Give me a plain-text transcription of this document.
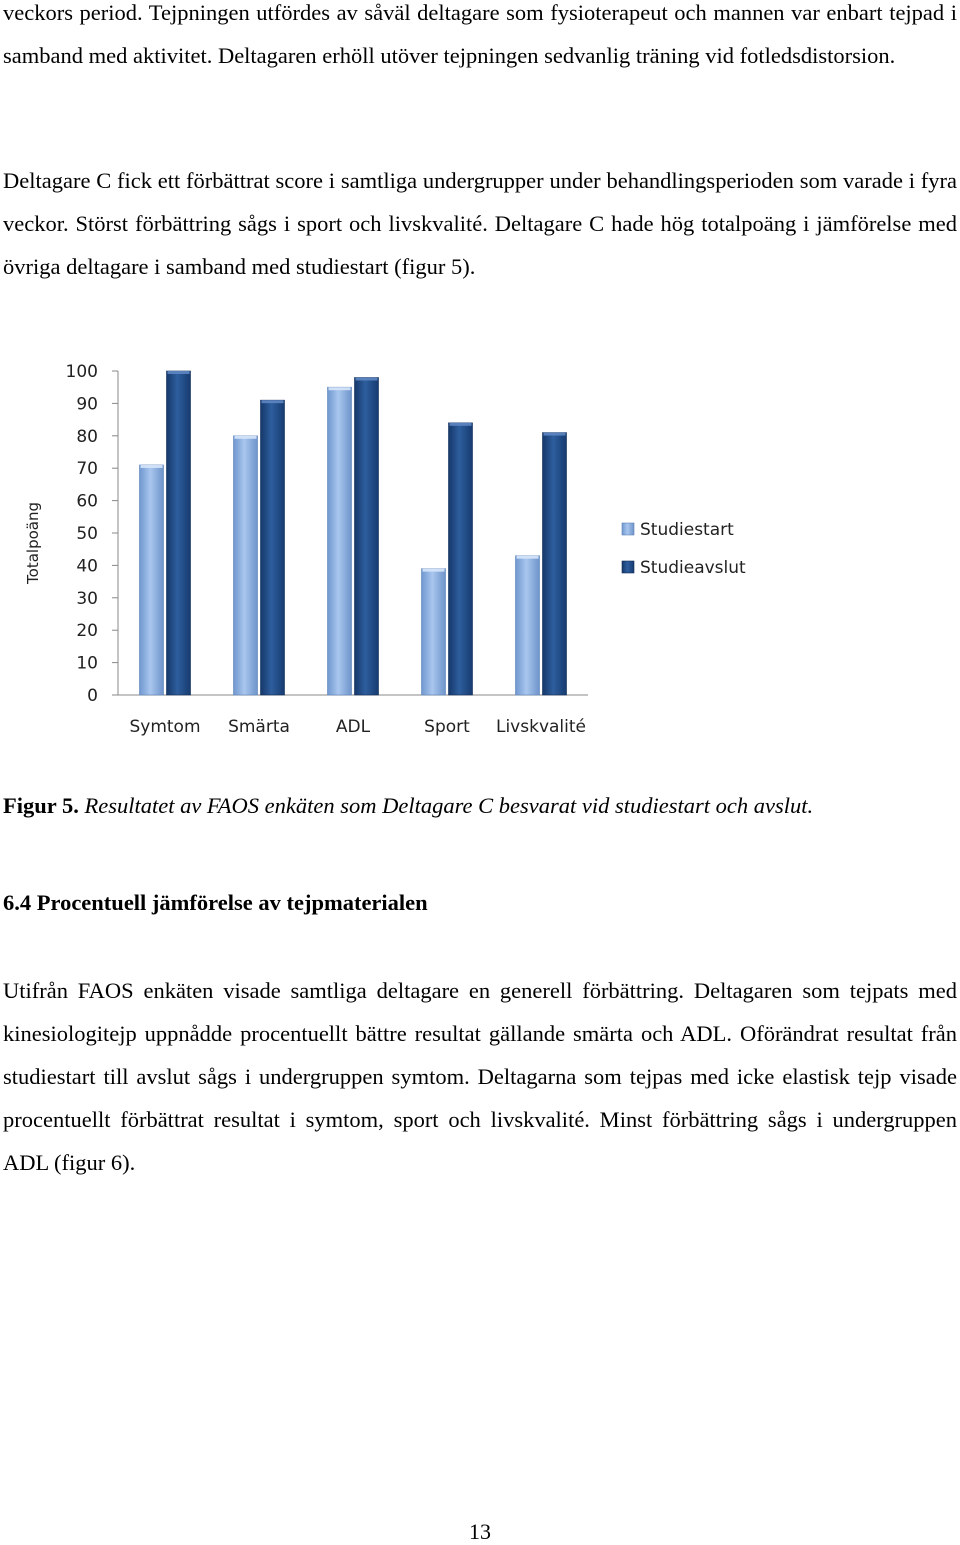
veckors period. Tejpningen utfördes av såväl deltagare som fysioterapeut och mannen var enbart tejpad i samband med aktivitet. Deltagaren erhöll utöver tejpningen sedvanlig träning vid fotledsdistorsion.
Deltagare C fick ett förbättrat score i samtliga undergrupper under behandlingsperioden som varade i fyra veckor. Störst förbättring sågs i sport och livskvalité. Deltagare C hade hög totalpoäng i jämförelse med övriga deltagare i samband med studiestart (figur 5).
0
10
20
30
40
50
60
70
80
90
100
Totalpoäng
Symtom Smärta	ADL	Sport Livskvalité
Studiestart
Studieavslut
Figur 5. Resultatet av FAOS enkäten som Deltagare C besvarat vid studiestart och avslut.
6.4 Procentuell jämförelse av tejpmaterialen
Utifrån FAOS enkäten visade samtliga deltagare en generell förbättring. Deltagaren som tejpats med kinesiologitejp uppnådde procentuellt bättre resultat gällande smärta och ADL. Oförändrat resultat från studiestart till avslut sågs i undergruppen symtom. Deltagarna som tejpas med icke elastisk tejp visade procentuellt förbättrat resultat i symtom, sport och livskvalité. Minst förbättring sågs i undergruppen ADL (figur 6).
13
